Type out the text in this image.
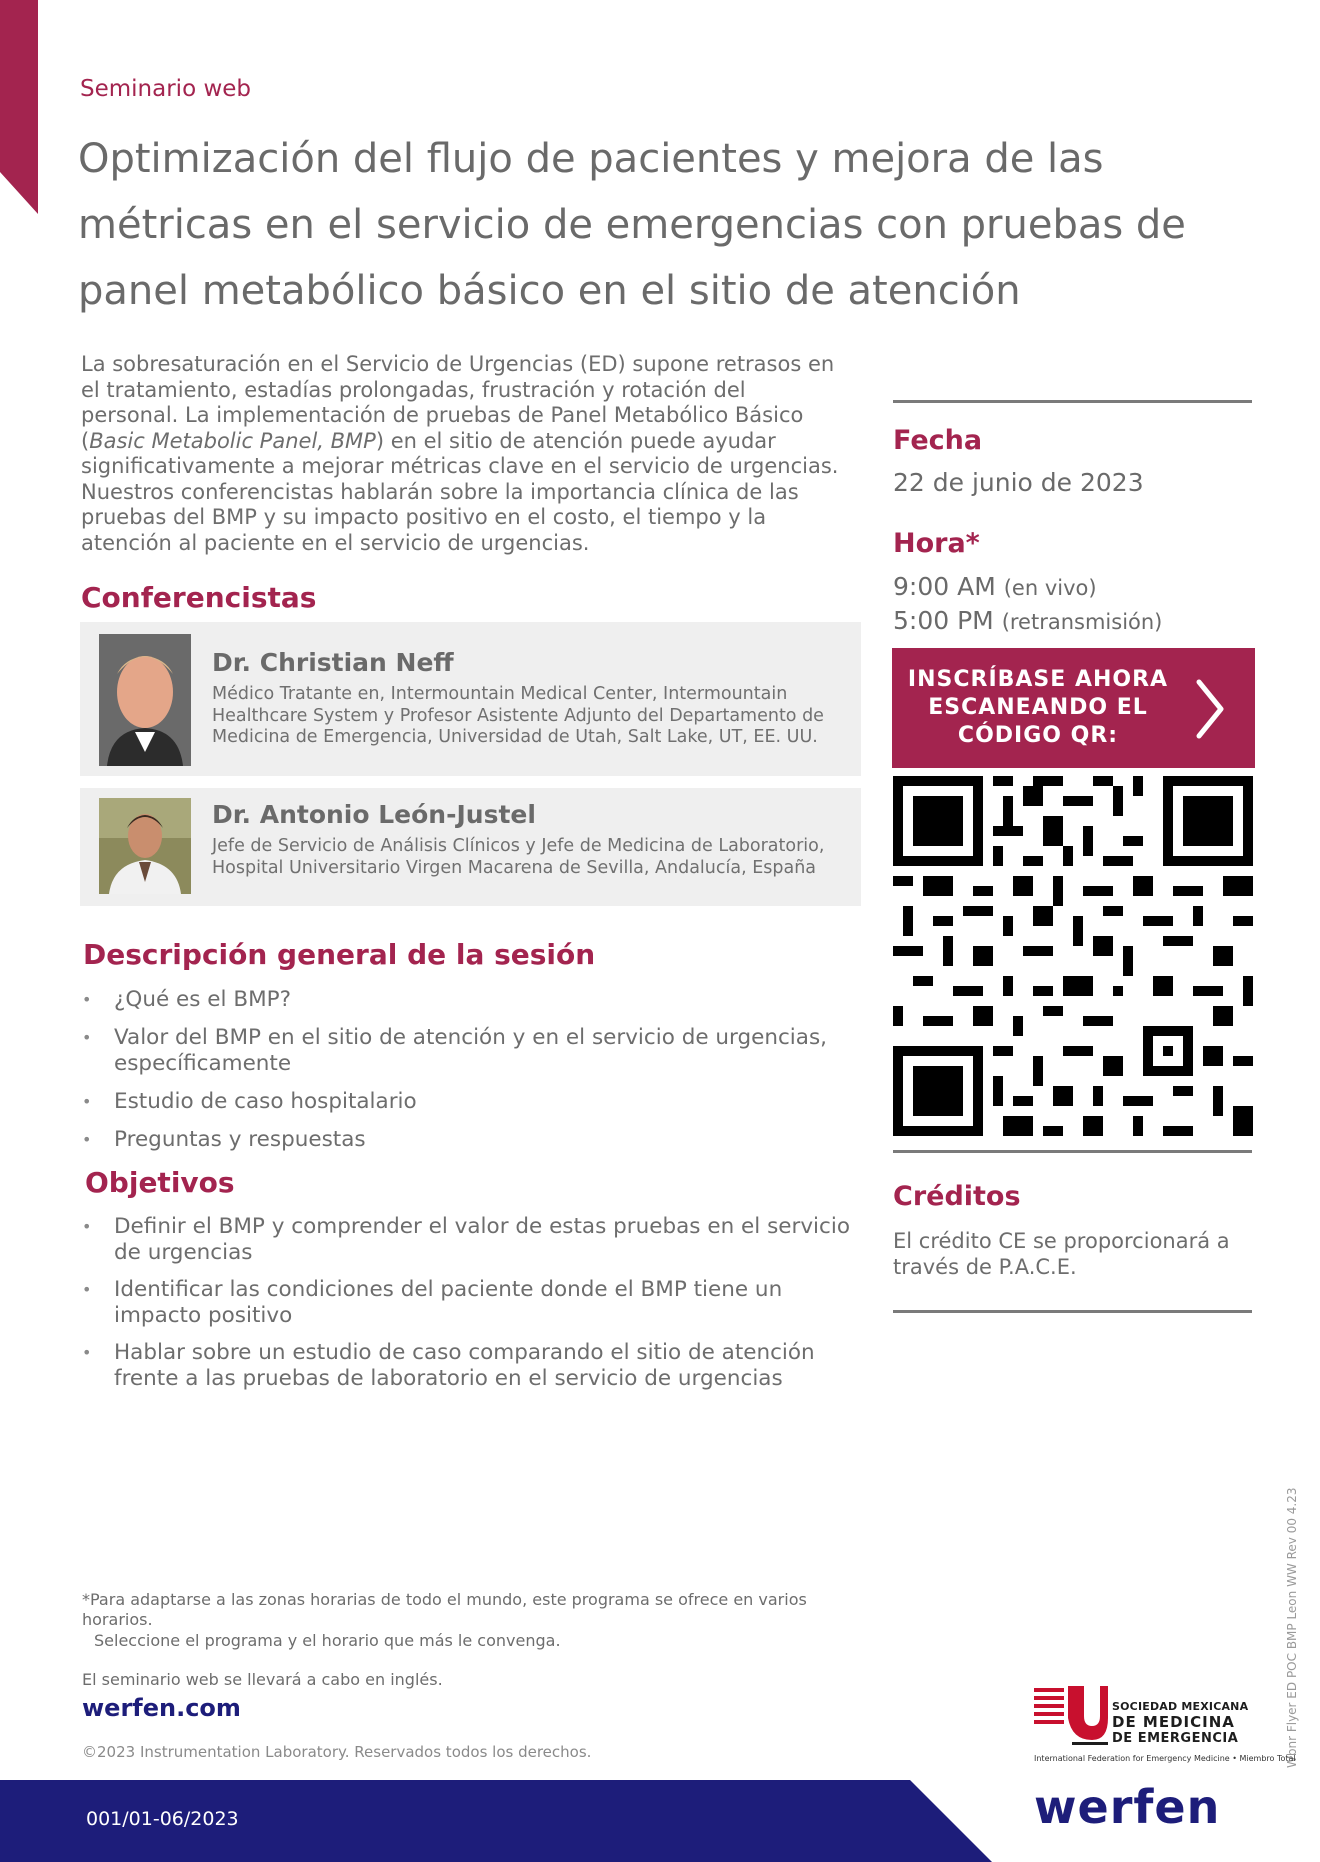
Seminario web
Optimización del flujo de pacientes y mejora de las métricas en el servicio de emergencias con pruebas de panel metabólico básico en el sitio de atención

La sobresaturación en el Servicio de Urgencias (ED) supone retrasos en el tratamiento, estadías prolongadas, frustración y rotación del personal. La implementación de pruebas de Panel Metabólico Básico (Basic Metabolic Panel, BMP) en el sitio de atención puede ayudar significativamente a mejorar métricas clave en el servicio de urgencias. Nuestros conferencistas hablarán sobre la importancia clínica de las pruebas del BMP y su impacto positivo en el costo, el tiempo y la atención al paciente en el servicio de urgencias.

Conferencistas
Dr. Christian Neff

Médico Tratante en, Intermountain Medical Center, Intermountain Healthcare System y Profesor Asistente Adjunto del Departamento de Medicina de Emergencia, Universidad de Utah, Salt Lake, UT, EE. UU.

Dr. Antonio León-Justel

Jefe de Servicio de Análisis Clínicos y Jefe de Medicina de Laboratorio, Hospital Universitario Virgen Macarena de Sevilla, Andalucía, España

Descripción general de la sesión
• ¿Qué es el BMP?
• Valor del BMP en el sitio de atención y en el servicio de urgencias, específicamente
• Estudio de caso hospitalario
• Preguntas y respuestas
Objetivos
• Definir el BMP y comprender el valor de estas pruebas en el servicio de urgencias
• Identificar las condiciones del paciente donde el BMP tiene un impacto positivo
• Hablar sobre un estudio de caso comparando el sitio de atención frente a las pruebas de laboratorio en el servicio de urgencias
Fecha

22 de junio de 2023

Hora*

9:00 AM (en vivo)

5:00 PM (retransmisión)

INSCRÍBASE AHORA ESCANEANDO EL CÓDIGO QR:

Créditos

El crédito CE se proporcionará a través de P.A.C.E.

*Para adaptarse a las zonas horarias de todo el mundo, este programa se ofrece en varios horarios.

Seleccione el programa y el horario que más le convenga.

El seminario web se llevará a cabo en inglés.

werfen.com

©2023 Instrumentation Laboratory. Reservados todos los derechos.	Wbnr Flyer ED POC BMP Leon WW Rev 00 4.23

SOCIEDAD MEXICANA
DE MEDICINA
DE EMERGENCIA

International Federation for Emergency Medicine • Miembro Total

001/01-06/2023	werfen
